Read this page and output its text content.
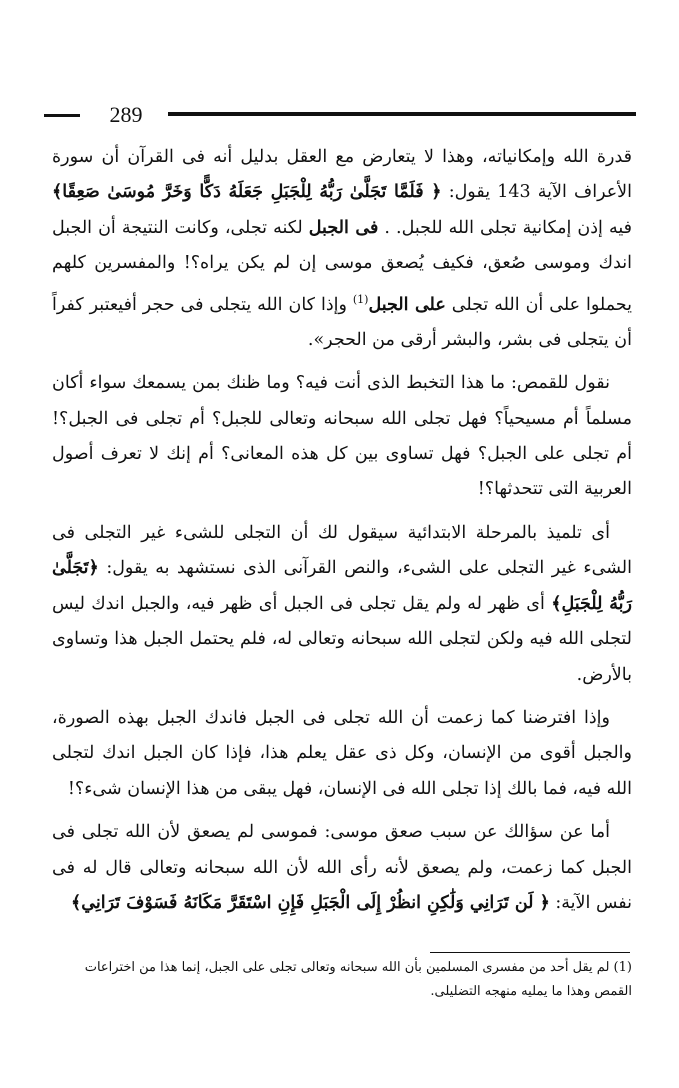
289

قدرة الله وإمكانياته، وهذا لا يتعارض مع العقل بدليل أنه فى القرآن أن سورة الأعراف الآية 143 يقول: ﴿ فَلَمَّا تَجَلَّىٰ رَبُّهُ لِلْجَبَلِ جَعَلَهُ دَكًّا وَخَرَّ مُوسَىٰ صَعِقًا﴾ فيه إذن إمكانية تجلى الله للجبل. . فى الجبل لكنه تجلى، وكانت النتيجة أن الجبل اندك وموسى صُعق، فكيف يُصعق موسى إن لم يكن يراه؟! والمفسرين كلهم يحملوا على أن الله تجلى على الجبل$^{(1)}$ وإذا كان الله يتجلى فى حجر أفيعتبر كفراً أن يتجلى فى بشر، والبشر أرقى من الحجر».

نقول للقمص: ما هذا التخبط الذى أنت فيه؟ وما ظنك بمن يسمعك سواء أكان مسلماً أم مسيحياً؟ فهل تجلى الله سبحانه وتعالى للجبل؟ أم تجلى فى الجبل؟! أم تجلى على الجبل؟ فهل تساوى بين كل هذه المعانى؟ أم إنك لا تعرف أصول العربية التى تتحدثها؟!

أى تلميذ بالمرحلة الابتدائية سيقول لك أن التجلى للشىء غير التجلى فى الشىء غير التجلى على الشىء، والنص القرآنى الذى نستشهد به يقول: ﴿تَجَلَّىٰ رَبُّهُ لِلْجَبَلِ﴾ أى ظهر له ولم يقل تجلى فى الجبل أى ظهر فيه، والجبل اندك ليس لتجلى الله فيه ولكن لتجلى الله سبحانه وتعالى له، فلم يحتمل الجبل هذا وتساوى بالأرض.

وإذا افترضنا كما زعمت أن الله تجلى فى الجبل فاندك الجبل بهذه الصورة، والجبل أقوى من الإنسان، وكل ذى عقل يعلم هذا، فإذا كان الجبل اندك لتجلى الله فيه، فما بالك إذا تجلى الله فى الإنسان، فهل يبقى من هذا الإنسان شىء؟!

أما عن سؤالك عن سبب صعق موسى: فموسى لم يصعق لأن الله تجلى فى الجبل كما زعمت، ولم يصعق لأنه رأى الله لأن الله سبحانه وتعالى قال له فى نفس الآية: ﴿ لَن تَرَانِي وَلَٰكِنِ انظُرْ إِلَى الْجَبَلِ فَإِنِ اسْتَقَرَّ مَكَانَهُ فَسَوْفَ تَرَانِي﴾

(1) لم يقل أحد من مفسرى المسلمين بأن الله سبحانه وتعالى تجلى على الجبل، إنما هذا من اختراعات القمص وهذا ما يمليه منهجه التضليلى.
